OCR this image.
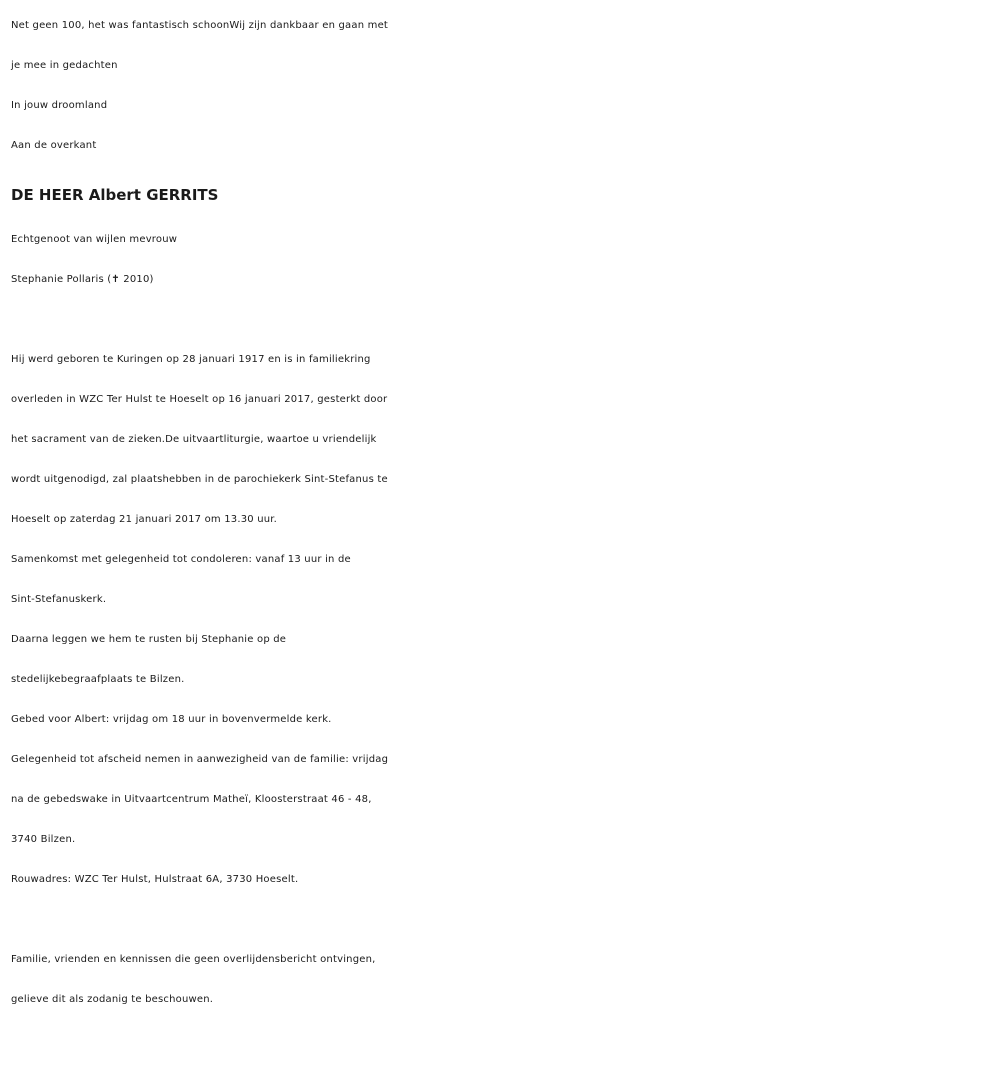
Net geen 100, het was fantastisch schoonWij zijn dankbaar en gaan met
je mee in gedachten
In jouw droomland
Aan de overkant
DE HEER Albert GERRITS
Echtgenoot van wijlen mevrouw
Stephanie Pollaris (✝ 2010)
Hij werd geboren te Kuringen op 28 januari 1917 en is in familiekring
overleden in WZC Ter Hulst te Hoeselt op 16 januari 2017, gesterkt door
het sacrament van de zieken.De uitvaartliturgie, waartoe u vriendelijk
wordt uitgenodigd, zal plaatshebben in de parochiekerk Sint-Stefanus te
Hoeselt op zaterdag 21 januari 2017 om 13.30 uur.
Samenkomst met gelegenheid tot condoleren: vanaf 13 uur in de
Sint-Stefanuskerk.
Daarna leggen we hem te rusten bij Stephanie op de
stedelijkebegraafplaats te Bilzen.
Gebed voor Albert: vrijdag om 18 uur in bovenvermelde kerk.
Gelegenheid tot afscheid nemen in aanwezigheid van de familie: vrijdag
na de gebedswake in Uitvaartcentrum Matheï, Kloosterstraat 46 - 48,
3740 Bilzen.
Rouwadres: WZC Ter Hulst, Hulstraat 6A, 3730 Hoeselt.
Familie, vrienden en kennissen die geen overlijdensbericht ontvingen,
gelieve dit als zodanig te beschouwen.
